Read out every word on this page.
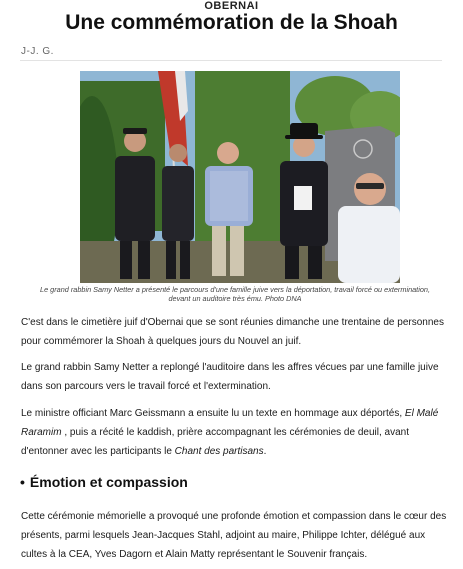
OBERNAI
Une commémoration de la Shoah
J-J. G.
Le grand rabbin Samy Netter a présenté le parcours d'une famille juive vers la déportation, travail forcé ou extermination, devant un auditoire très ému. Photo DNA

C'est dans le cimetière juif d'Obernai que se sont réunies dimanche une trentaine de personnes pour commémorer la Shoah à quelques jours du Nouvel an juif.

Le grand rabbin Samy Netter a replongé l'auditoire dans les affres vécues par une famille juive dans son parcours vers le travail forcé et l'extermination.

Le ministre officiant Marc Geissmann a ensuite lu un texte en hommage aux déportés, El Malé Raramim , puis a récité le kaddish, prière accompagnant les cérémonies de deuil, avant d'entonner avec les participants le Chant des partisans.

• Émotion et compassion

Cette cérémonie mémorielle a provoqué une profonde émotion et compassion dans le cœur des présents, parmi lesquels Jean-Jacques Stahl, adjoint au maire, Philippe Ichter, délégué aux cultes à la CEA, Yves Dagorn et Alain Matty représentant le Souvenir français.
